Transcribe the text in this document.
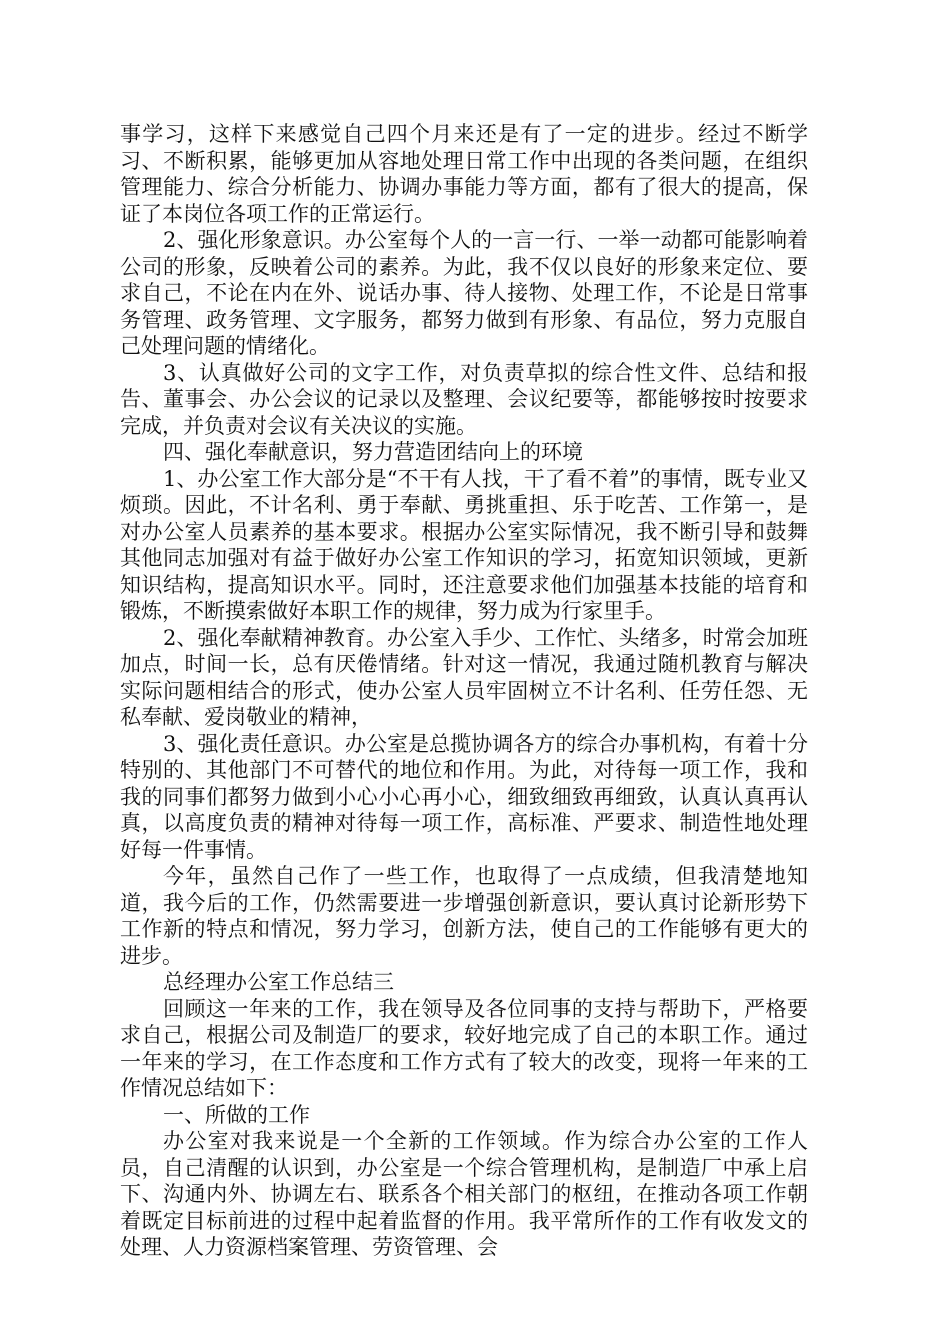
事学习，这样下来感觉自己四个月来还是有了一定的进步。经过不断学习、不断积累，能够更加从容地处理日常工作中出现的各类问题，在组织管理能力、综合分析能力、协调办事能力等方面，都有了很大的提高，保证了本岗位各项工作的正常运行。

2、强化形象意识。办公室每个人的一言一行、一举一动都可能影响着公司的形象，反映着公司的素养。为此，我不仅以良好的形象来定位、要求自己，不论在内在外、说话办事、待人接物、处理工作，不论是日常事务管理、政务管理、文字服务，都努力做到有形象、有品位，努力克服自己处理问题的情绪化。

3、认真做好公司的文字工作，对负责草拟的综合性文件、总结和报告、董事会、办公会议的记录以及整理、会议纪要等，都能够按时按要求完成，并负责对会议有关决议的实施。

四、强化奉献意识，努力营造团结向上的环境

1、办公室工作大部分是“不干有人找，干了看不着”的事情，既专业又烦琐。因此，不计名利、勇于奉献、勇挑重担、乐于吃苦、工作第一，是对办公室人员素养的基本要求。根据办公室实际情况，我不断引导和鼓舞其他同志加强对有益于做好办公室工作知识的学习，拓宽知识领域，更新知识结构，提高知识水平。同时，还注意要求他们加强基本技能的培育和锻炼，不断摸索做好本职工作的规律，努力成为行家里手。

2、强化奉献精神教育。办公室入手少、工作忙、头绪多，时常会加班加点，时间一长，总有厌倦情绪。针对这一情况，我通过随机教育与解决实际问题相结合的形式，使办公室人员牢固树立不计名利、任劳任怨、无私奉献、爱岗敬业的精神，

3、强化责任意识。办公室是总揽协调各方的综合办事机构，有着十分特别的、其他部门不可替代的地位和作用。为此，对待每一项工作，我和我的同事们都努力做到小心小心再小心，细致细致再细致，认真认真再认真，以高度负责的精神对待每一项工作，高标准、严要求、制造性地处理好每一件事情。

今年，虽然自己作了一些工作，也取得了一点成绩，但我清楚地知道，我今后的工作，仍然需要进一步增强创新意识，要认真讨论新形势下工作新的特点和情况，努力学习，创新方法，使自己的工作能够有更大的进步。

总经理办公室工作总结三

回顾这一年来的工作，我在领导及各位同事的支持与帮助下，严格要求自己，根据公司及制造厂的要求，较好地完成了自己的本职工作。通过一年来的学习，在工作态度和工作方式有了较大的改变，现将一年来的工作情况总结如下：

一、所做的工作

办公室对我来说是一个全新的工作领域。作为综合办公室的工作人员，自己清醒的认识到，办公室是一个综合管理机构，是制造厂中承上启下、沟通内外、协调左右、联系各个相关部门的枢纽，在推动各项工作朝着既定目标前进的过程中起着监督的作用。我平常所作的工作有收发文的处理、人力资源档案管理、劳资管理、会
